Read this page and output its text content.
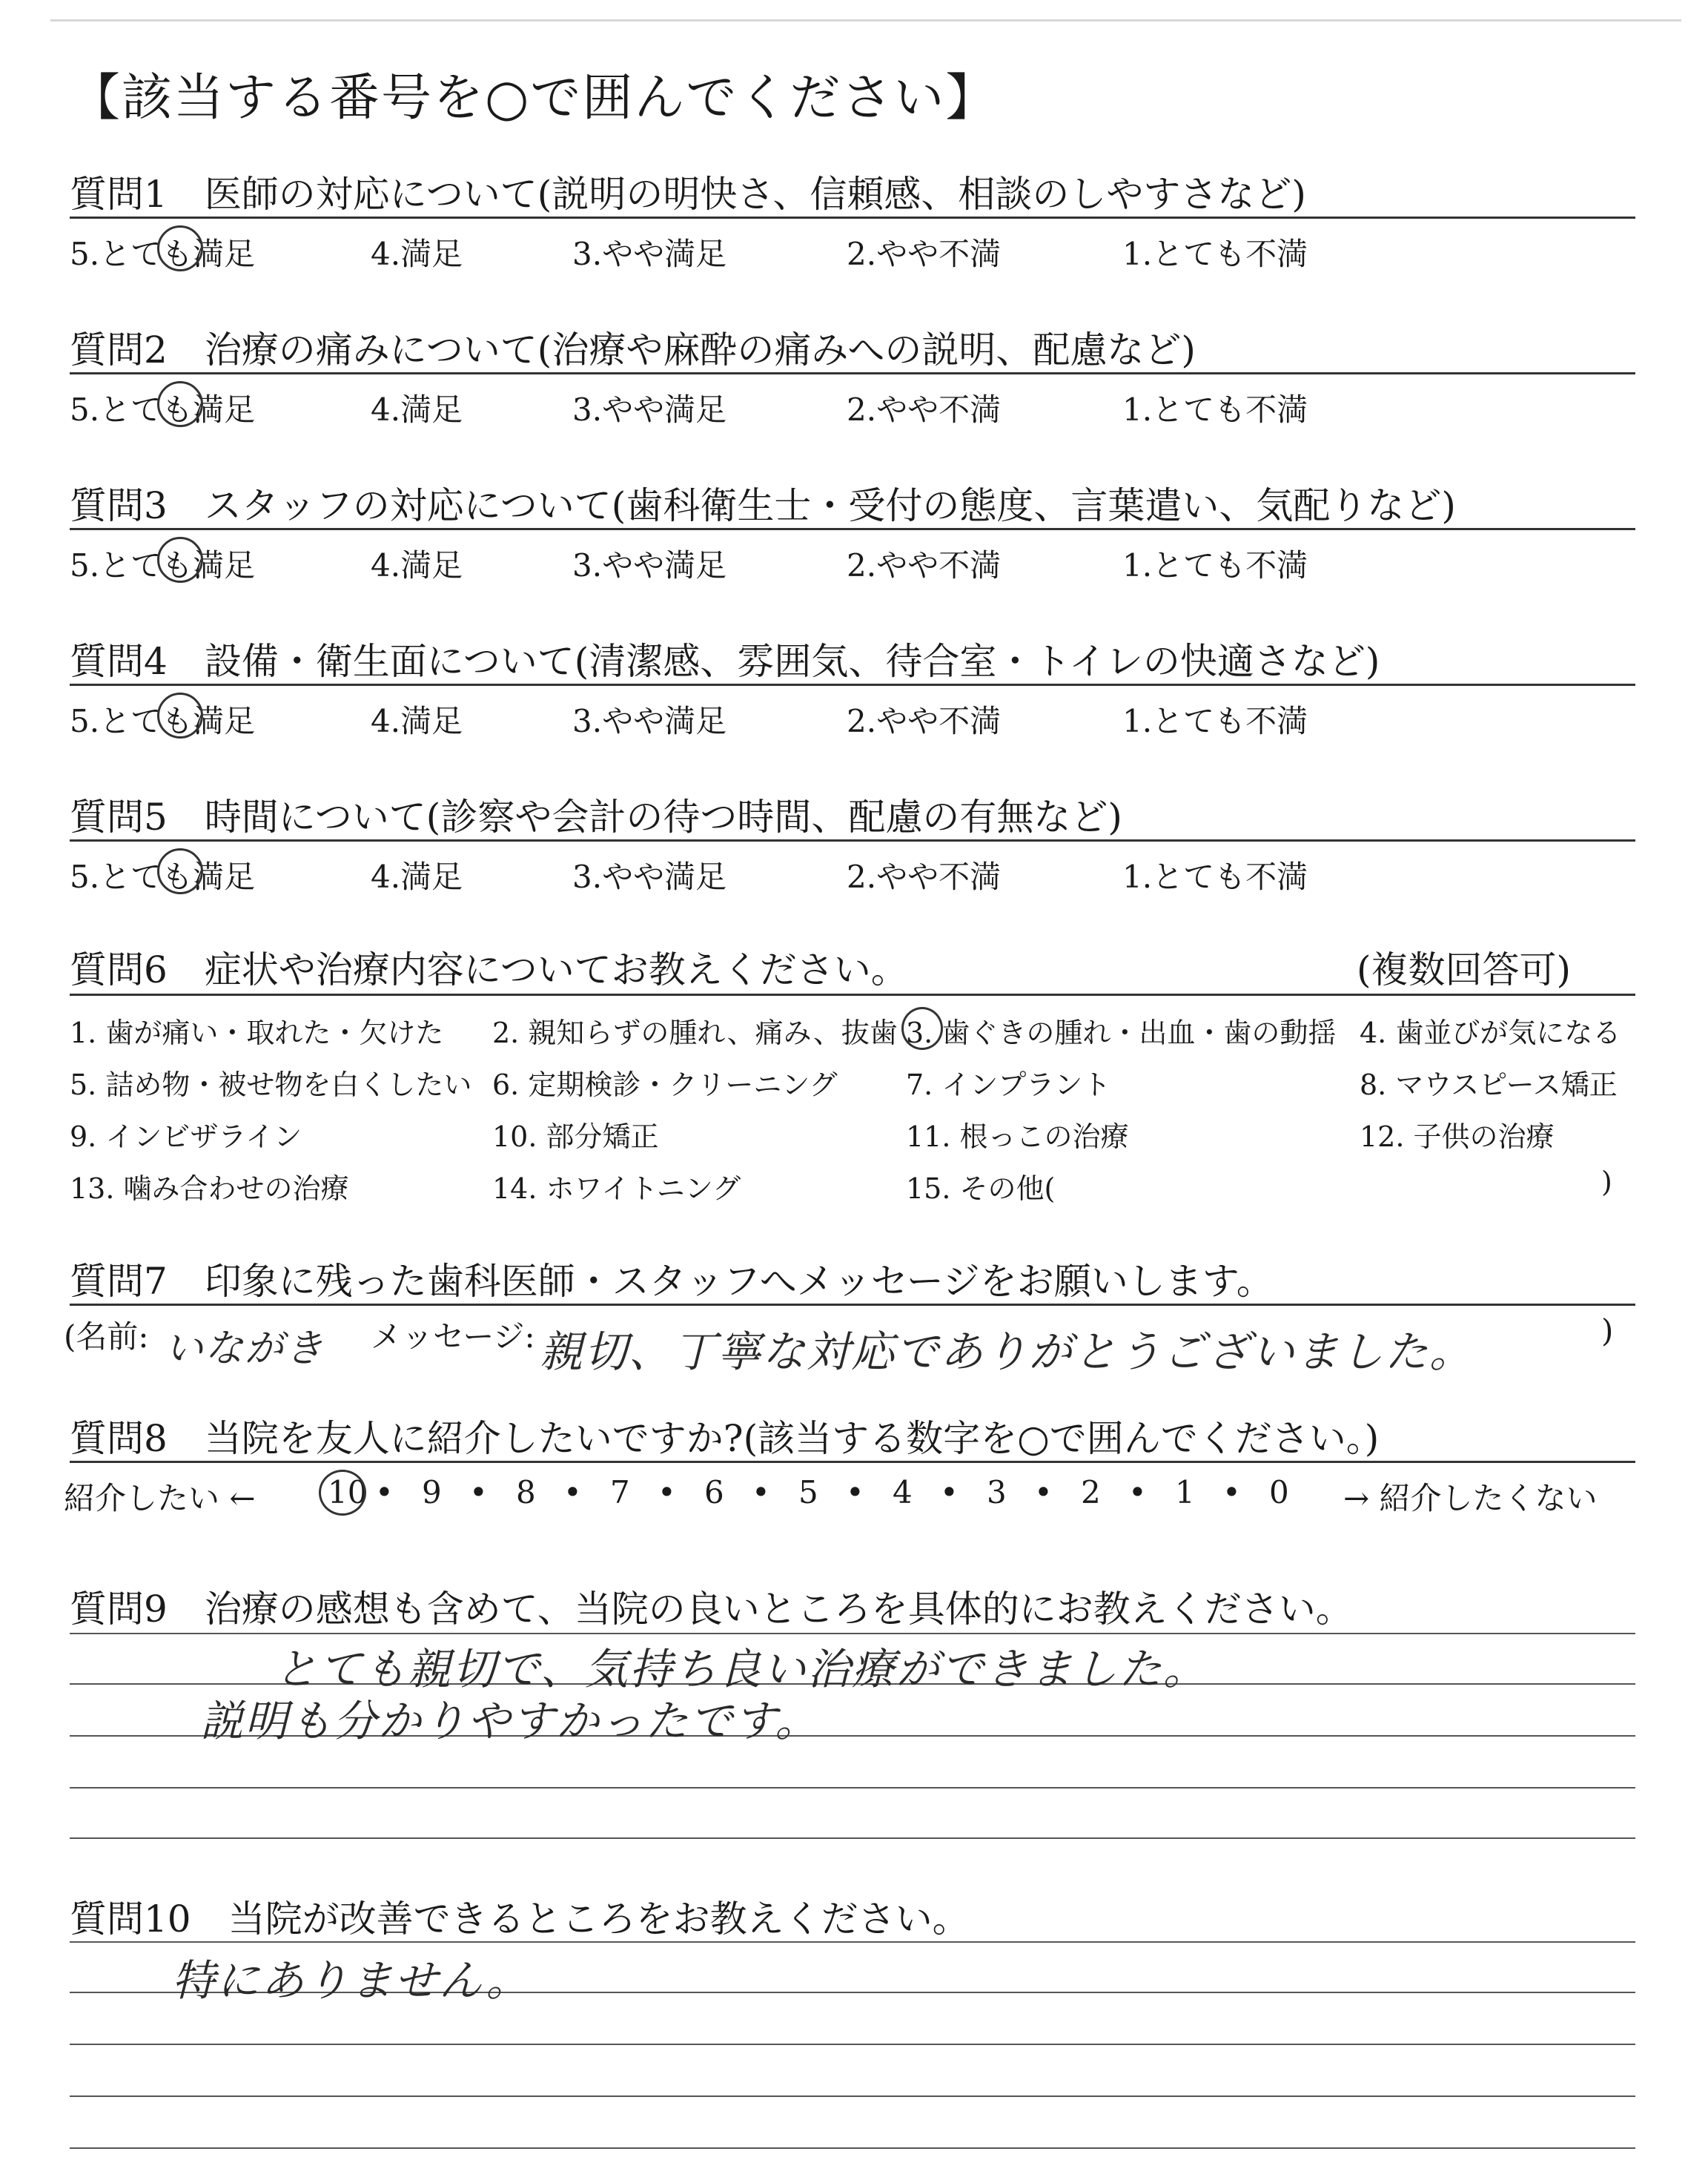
【該当する番号を○で囲んでください】
質問1　 医師の対応について(説明の明快さ、信頼感、相談のしやすさなど)
5.とても満足	4.満足	3.やや満足	2.やや不満	1.とても不満
質問2　 治療の痛みについて(治療や麻酔の痛みへの説明、配慮など)
5.とても満足	4.満足	3.やや満足	2.やや不満	1.とても不満
質問3　 スタッフの対応について(歯科衛生士・受付の態度、言葉遣い、気配りなど)
5.とても満足	4.満足	3.やや満足	2.やや不満	1.とても不満
質問4　 設備・衛生面について(清潔感、雰囲気、待合室・トイレの快適さなど)
5.とても満足	4.満足	3.やや満足	2.やや不満	1.とても不満
質問5　 時間について(診察や会計の待つ時間、配慮の有無など)
5.とても満足	4.満足	3.やや満足	2.やや不満	1.とても不満
質問6　 症状や治療内容についてお教えください。	(複数回答可)
1. 歯が痛い・取れた・欠けた 2. 親知らずの腫れ、痛み、抜歯 3. 歯ぐきの腫れ・出血・歯の動揺 4. 歯並びが気になる
5. 詰め物・被せ物を白くしたい 6. 定期検診・クリーニング 7. インプラント	8. マウスピース矯正
9. インビザライン	10. 部分矯正	11. 根っこの治療	12. 子供の治療
13. 噛み合わせの治療	14. ホワイトニング	15. その他(	)
質問7　 印象に残った歯科医師・スタッフへメッセージをお願いします。
(名前: いながき メッセージ: 親切、丁寧な対応でありがとうございました。	)
質問8　 当院を友人に紹介したいですか?(該当する数字を○で囲んでください。)
紹介したい ← 10 • 9 • 8 • 7 • 6 • 5 • 4 • 3 • 2 • 1 • 0 → 紹介したくない
質問9　 治療の感想も含めて、当院の良いところを具体的にお教えください。
とても親切で、気持ち良い治療ができました。
説明も分かりやすかったです。
質問10　 当院が改善できるところをお教えください。
特にありません。
